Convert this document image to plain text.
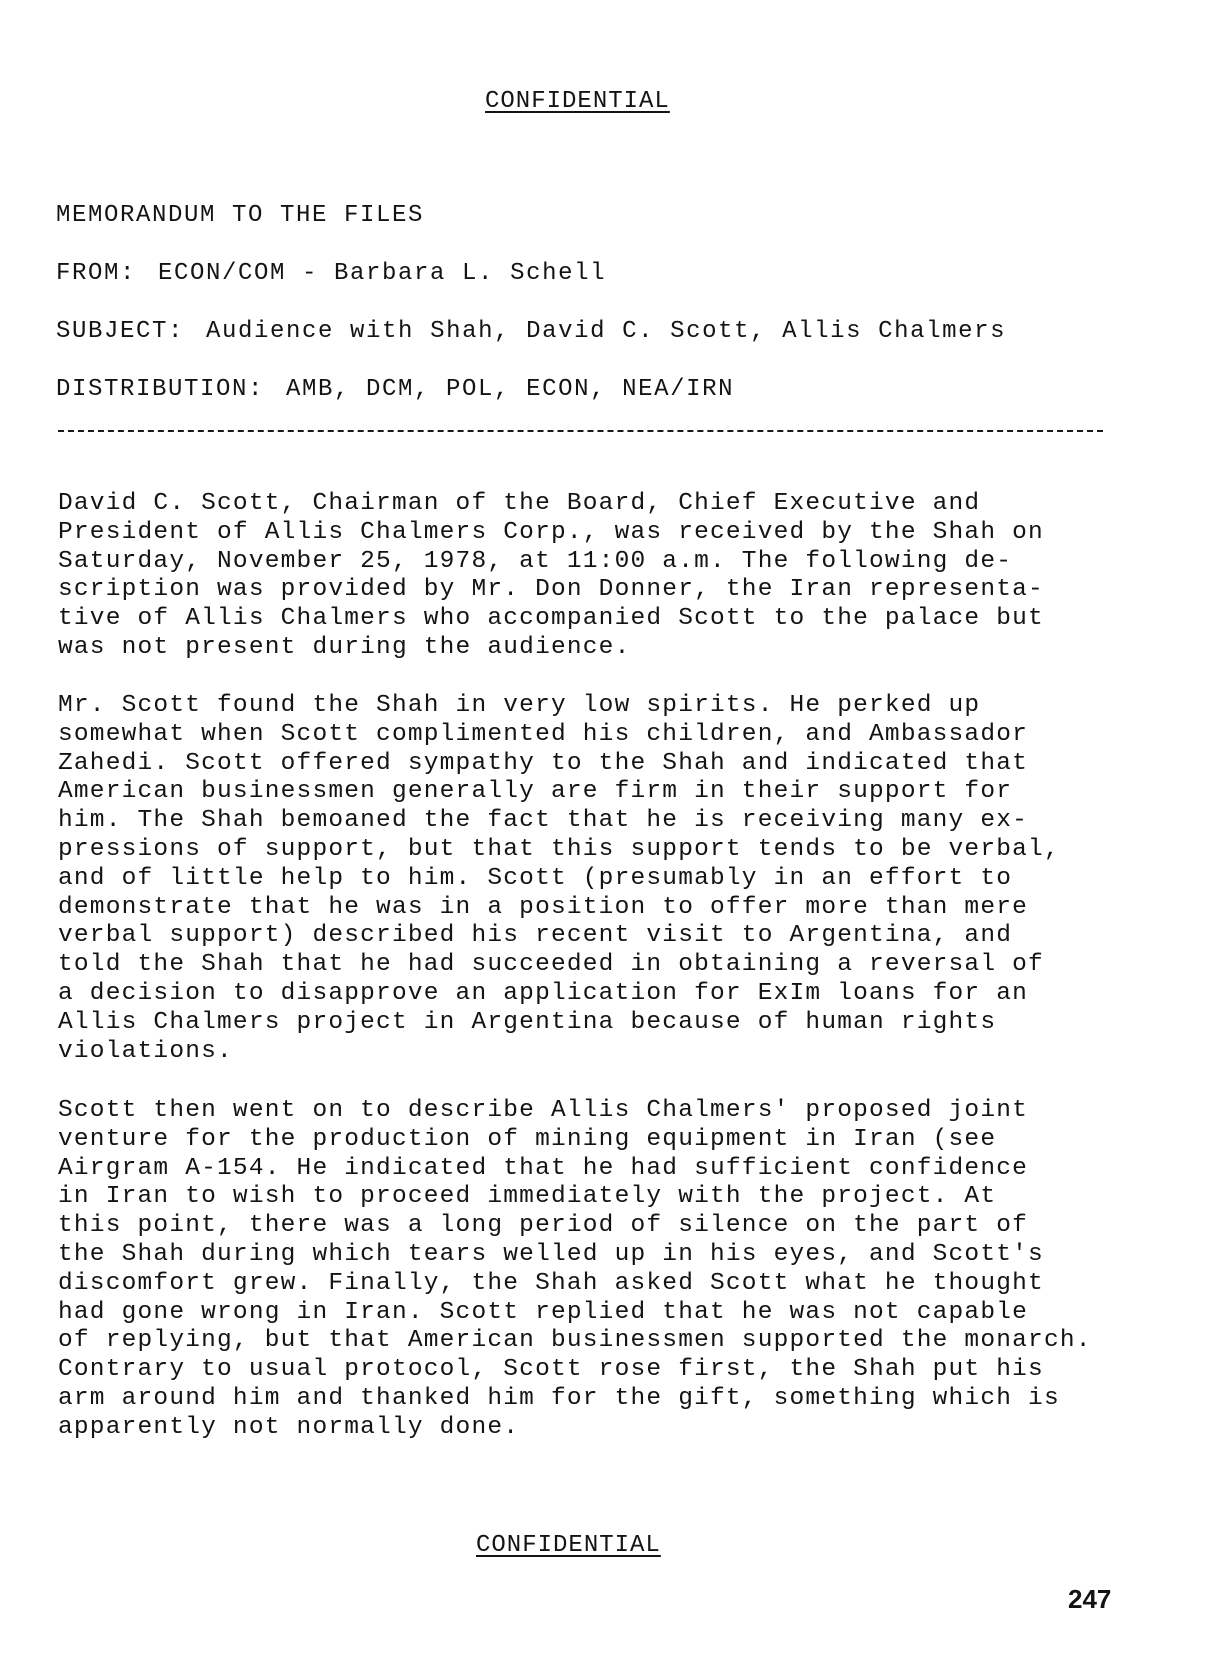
CONFIDENTIAL
MEMORANDUM TO THE FILES
FROM: ECON/COM - Barbara L. Schell
SUBJECT: Audience with Shah, David C. Scott, Allis Chalmers
DISTRIBUTION: AMB, DCM, POL, ECON, NEA/IRN
David C. Scott, Chairman of the Board, Chief Executive and
President of Allis Chalmers Corp., was received by the Shah on
Saturday, November 25, 1978, at 11:00 a.m. The following de-
scription was provided by Mr. Don Donner, the Iran representa-
tive of Allis Chalmers who accompanied Scott to the palace but
was not present during the audience.
Mr. Scott found the Shah in very low spirits. He perked up
somewhat when Scott complimented his children, and Ambassador
Zahedi. Scott offered sympathy to the Shah and indicated that
American businessmen generally are firm in their support for
him. The Shah bemoaned the fact that he is receiving many ex-
pressions of support, but that this support tends to be verbal,
and of little help to him. Scott (presumably in an effort to
demonstrate that he was in a position to offer more than mere
verbal support) described his recent visit to Argentina, and
told the Shah that he had succeeded in obtaining a reversal of
a decision to disapprove an application for ExIm loans for an
Allis Chalmers project in Argentina because of human rights
violations.
Scott then went on to describe Allis Chalmers' proposed joint
venture for the production of mining equipment in Iran (see
Airgram A-154. He indicated that he had sufficient confidence
in Iran to wish to proceed immediately with the project. At
this point, there was a long period of silence on the part of
the Shah during which tears welled up in his eyes, and Scott's
discomfort grew. Finally, the Shah asked Scott what he thought
had gone wrong in Iran. Scott replied that he was not capable
of replying, but that American businessmen supported the monarch.
Contrary to usual protocol, Scott rose first, the Shah put his
arm around him and thanked him for the gift, something which is
apparently not normally done.
CONFIDENTIAL
247
